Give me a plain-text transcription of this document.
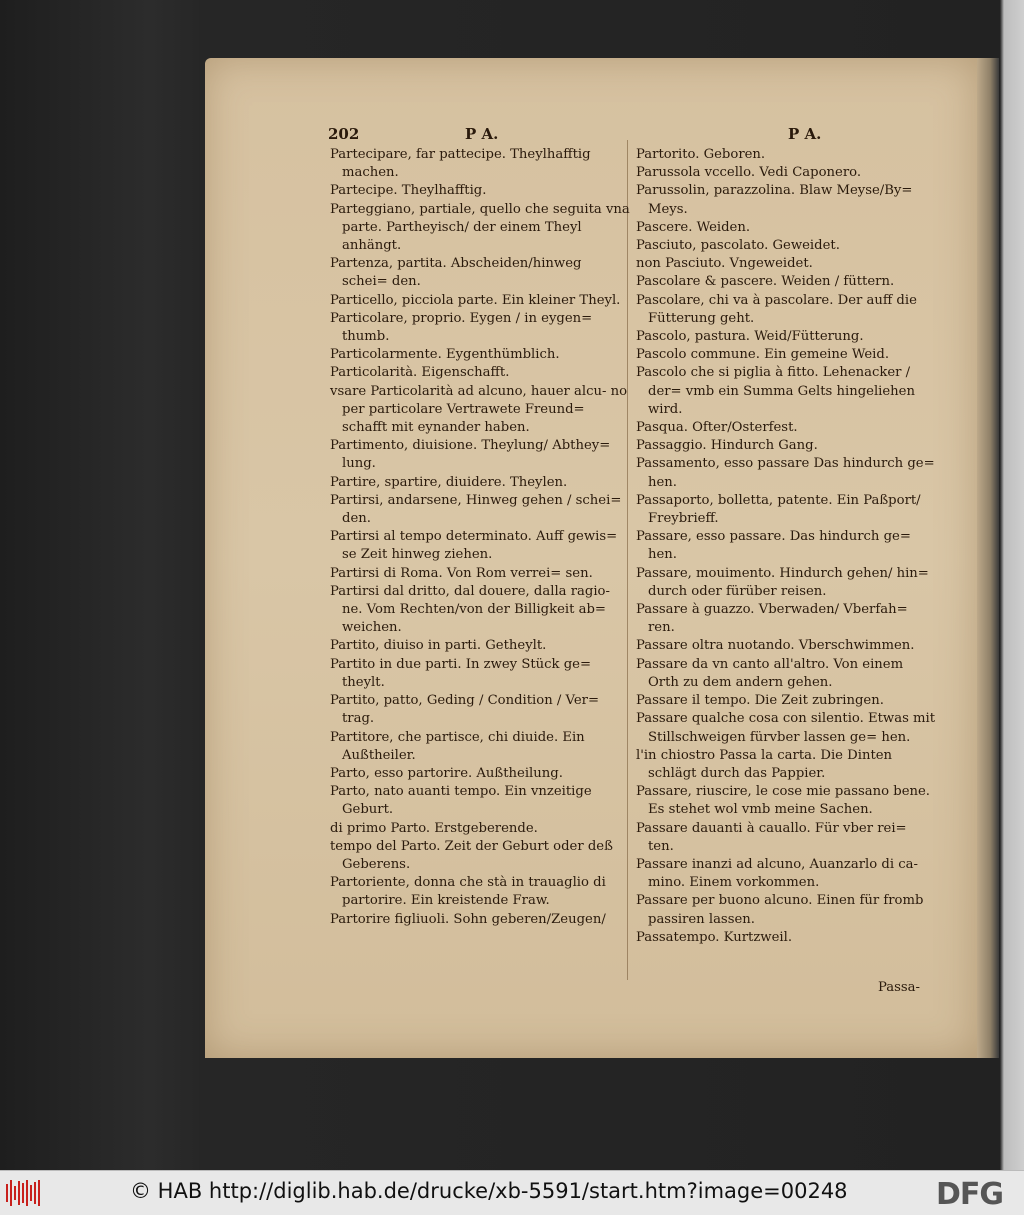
202	P A.	P A.
Partecipare, far pattecipe. Theylhafftig machen.
Partecipe. Theylhafftig.
Parteggiano, partiale, quello che seguita vna parte. Partheyisch/ der einem Theyl anhängt.
Partenza, partita. Abscheiden/hinweg schei= den.
Particello, picciola parte. Ein kleiner Theyl.
Particolare, proprio. Eygen / in eygen= thumb.
Particolarmente. Eygenthümblich.
Particolarità. Eigenschafft.
vsare Particolarità ad alcuno, hauer alcu- no per particolare Vertrawete Freund= schafft mit eynander haben.
Partimento, diuisione. Theylung/ Abthey= lung.
Partire, spartire, diuidere. Theylen.
Partirsi, andarsene, Hinweg gehen / schei= den.
Partirsi al tempo determinato. Auff gewis= se Zeit hinweg ziehen.
Partirsi di Roma. Von Rom verrei= sen.
Partirsi dal dritto, dal douere, dalla ragio- ne. Vom Rechten/von der Billigkeit ab= weichen.
Partito, diuiso in parti. Getheylt.
Partito in due parti. In zwey Stück ge= theylt.
Partito, patto, Geding / Condition / Ver= trag.
Partitore, che partisce, chi diuide. Ein Außtheiler.
Parto, esso partorire. Außtheilung.
Parto, nato auanti tempo. Ein vnzeitige Geburt.
di primo Parto. Erstgeberende.
tempo del Parto. Zeit der Geburt oder deß Geberens.
Partoriente, donna che stà in trauaglio di partorire. Ein kreistende Fraw.
Partorire figliuoli. Sohn geberen/Zeugen/
Partorito. Geboren.
Parussola vccello. Vedi Caponero.
Parussolin, parazzolina. Blaw Meyse/By= Meys.
Pascere. Weiden.
Pasciuto, pascolato. Geweidet.
non Pasciuto. Vngeweidet.
Pascolare & pascere. Weiden / füttern.
Pascolare, chi va à pascolare. Der auff die Fütterung geht.
Pascolo, pastura. Weid/Fütterung.
Pascolo commune. Ein gemeine Weid.
Pascolo che si piglia à fitto. Lehenacker / der= vmb ein Summa Gelts hingeliehen wird.
Pasqua. Ofter/Osterfest.
Passaggio. Hindurch Gang.
Passamento, esso passare Das hindurch ge= hen.
Passaporto, bolletta, patente. Ein Paßport/ Freybrieff.
Passare, esso passare. Das hindurch ge= hen.
Passare, mouimento. Hindurch gehen/ hin= durch oder fürüber reisen.
Passare à guazzo. Vberwaden/ Vberfah= ren.
Passare oltra nuotando. Vberschwimmen.
Passare da vn canto all'altro. Von einem Orth zu dem andern gehen.
Passare il tempo. Die Zeit zubringen.
Passare qualche cosa con silentio. Etwas mit Stillschweigen fürvber lassen ge= hen.
l'in chiostro Passa la carta. Die Dinten schlägt durch das Pappier.
Passare, riuscire, le cose mie passano bene. Es stehet wol vmb meine Sachen.
Passare dauanti à cauallo. Für vber rei= ten.
Passare inanzi ad alcuno, Auanzarlo di ca- mino. Einem vorkommen.
Passare per buono alcuno. Einen für fromb passiren lassen.
Passatempo. Kurtzweil.
Passa-
© HAB http://diglib.hab.de/drucke/xb-5591/start.htm?image=00248	DFG
